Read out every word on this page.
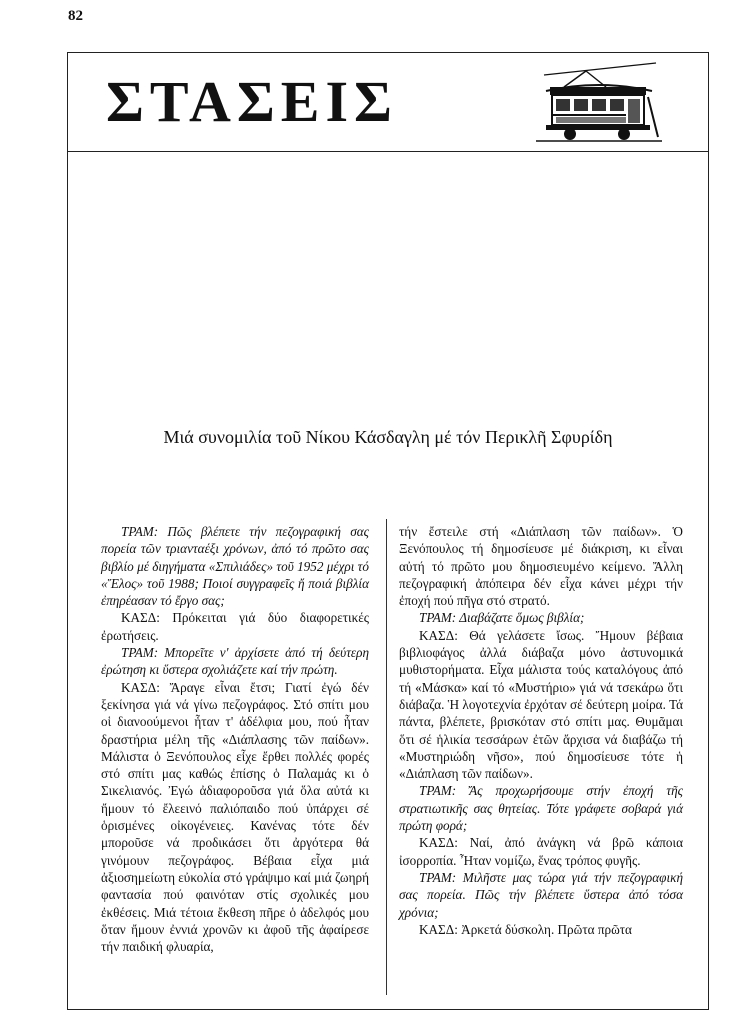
82
ΣΤΑΣΕΙΣ
Μιά συνομιλία τοῦ Νίκου Κάσδαγλη μέ τόν Περικλῆ Σφυρίδη

ΤΡΑΜ: Πῶς βλέπετε τήν πεζογραφική σας πορεία τῶν τριανταέξι χρόνων, ἀπό τό πρῶτο σας βιβλίο μέ διηγήματα «Σπιλιάδες» τοῦ 1952 μέχρι τό «Ἕλος» τοῦ 1988; Ποιοί συγγραφεῖς ἤ ποιά βιβλία ἐπηρέασαν τό ἔργο σας;

ΚΑΣΔ: Πρόκειται γιά δύο διαφορετικές ἐρωτήσεις.

ΤΡΑΜ: Μπορεῖτε ν' ἀρχίσετε ἀπό τή δεύτερη ἐρώτηση κι ὕστερα σχολιάζετε καί τήν πρώτη.

ΚΑΣΔ: Ἄραγε εἶναι ἔτσι; Γιατί ἐγώ δέν ξεκίνησα γιά νά γίνω πεζογράφος. Στό σπίτι μου οἱ διανοούμενοι ἦταν τ' ἀδέλφια μου, πού ἦταν δραστήρια μέλη τῆς «Διάπλασης τῶν παίδων». Μάλιστα ὁ Ξενόπουλος εἶχε ἔρθει πολλές φορές στό σπίτι μας καθώς ἐπίσης ὁ Παλαμάς κι ὁ Σικελιανός. Ἐγώ ἀδιαφοροῦσα γιά ὅλα αὐτά κι ἤμουν τό ἔλεεινό παλιόπαιδο πού ὑπάρχει σέ ὁρισμένες οἰκογένειες. Κανένας τότε δέν μποροῦσε νά προδικάσει ὅτι ἀργότερα θά γινόμουν πεζογράφος. Βέβαια εἶχα μιά ἀξιοσημείωτη εὐκολία στό γράψιμο καί μιά ζωηρή φαντασία πού φαινόταν στίς σχολικές μου ἐκθέσεις. Μιά τέτοια ἔκθεση πῆρε ὁ ἀδελφός μου ὅταν ἤμουν ἐννιά χρονῶν κι ἀφοῦ τῆς ἀφαίρεσε τήν παιδική φλυαρία,

τήν ἔστειλε στή «Διάπλαση τῶν παίδων». Ὁ Ξενόπουλος τή δημοσίευσε μέ διάκριση, κι εἶναι αὐτή τό πρῶτο μου δημοσιευμένο κείμενο. Ἄλλη πεζογραφική ἀπόπειρα δέν εἶχα κάνει μέχρι τήν ἐποχή πού πῆγα στό στρατό.

ΤΡΑΜ: Διαβάζατε ὅμως βιβλία;

ΚΑΣΔ: Θά γελάσετε ἴσως. Ἤμουν βέβαια βιβλιοφάγος ἀλλά διάβαζα μόνο ἀστυνομικά μυθιστορήματα. Εἶχα μάλιστα τούς καταλόγους ἀπό τή «Μάσκα» καί τό «Μυστήριο» γιά νά τσεκάρω ὅτι διάβαζα. Ἡ λογοτεχνία ἐρχόταν σέ δεύτερη μοίρα. Τά πάντα, βλέπετε, βρισκόταν στό σπίτι μας. Θυμᾶμαι ὅτι σέ ἡλικία τεσσάρων ἐτῶν ἄρχισα νά διαβάζω τή «Μυστηριώδη νῆσο», πού δημοσίευσε τότε ἡ «Διάπλαση τῶν παίδων».

ΤΡΑΜ: Ἄς προχωρήσουμε στήν ἐποχή τῆς στρατιωτικῆς σας θητείας. Τότε γράφετε σοβαρά γιά πρώτη φορά;

ΚΑΣΔ: Ναί, ἀπό ἀνάγκη νά βρῶ κάποια ἰσορροπία. Ἦταν νομίζω, ἕνας τρόπος φυγῆς.

ΤΡΑΜ: Μιλῆστε μας τώρα γιά τήν πεζογραφική σας πορεία. Πῶς τήν βλέπετε ὕστερα ἀπό τόσα χρόνια;

ΚΑΣΔ: Ἀρκετά δύσκολη. Πρῶτα πρῶτα
